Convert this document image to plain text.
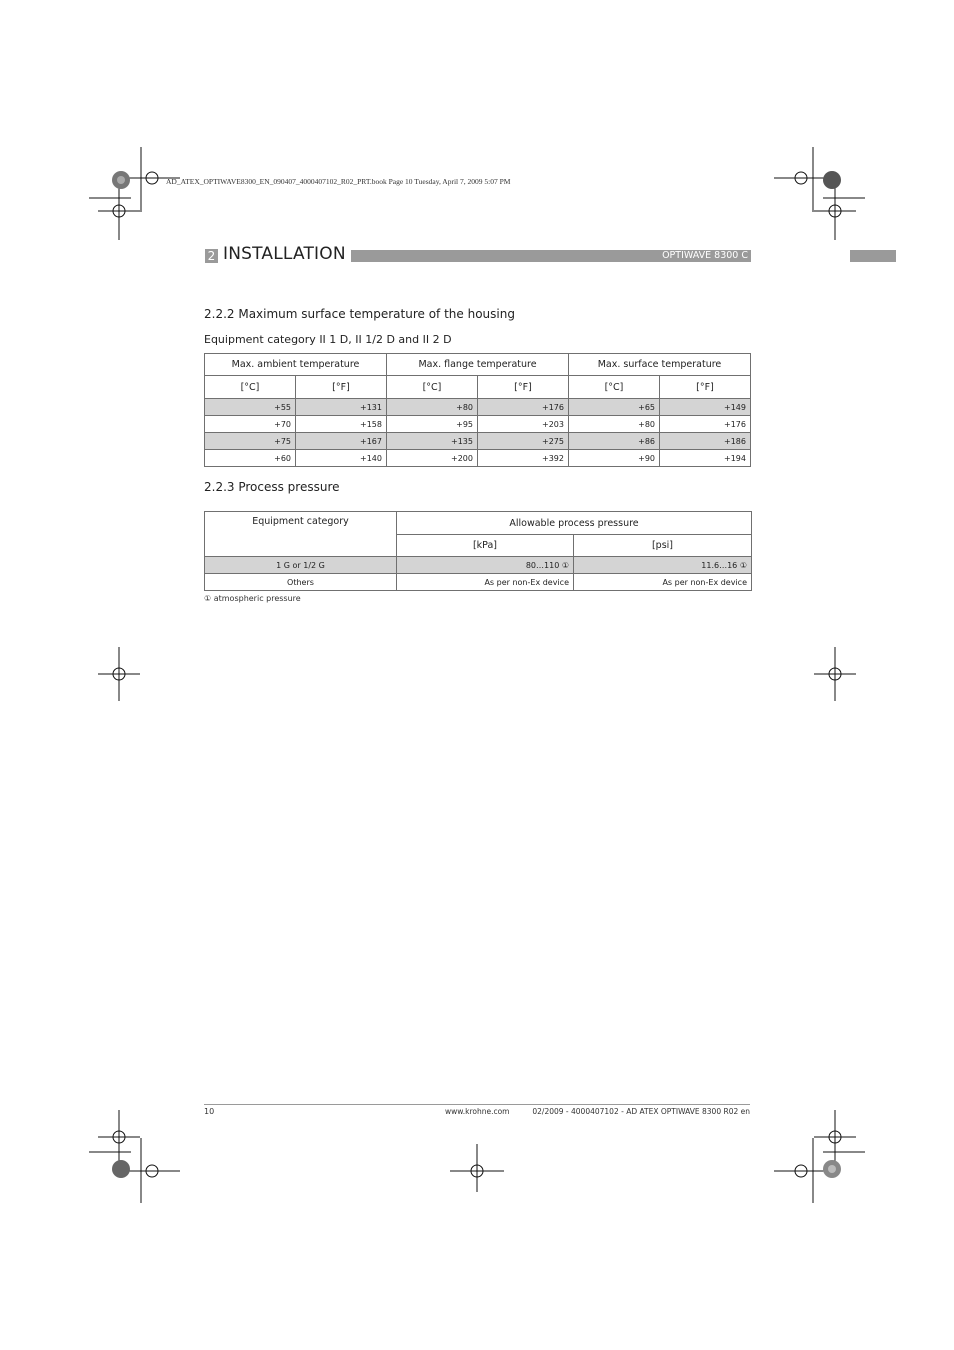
AD_ATEX_OPTIWAVE8300_EN_090407_4000407102_R02_PRT.book Page 10 Tuesday, April 7, 2009 5:07 PM
2 INSTALLATION	OPTIWAVE 8300 C
2.2.2 Maximum surface temperature of the housing
Equipment category II 1 D, II 1/2 D and II 2 D
Max. ambient temperature		Max. flange temperature		Max. surface temperature	
[°C]	[°F]	[°C]	[°F]	[°C]	[°F]
+55	+131	+80	+176	+65	+149
+70	+158	+95	+203	+80	+176
+75	+167	+135	+275	+86	+186
+60	+140	+200	+392	+90	+194
2.2.3 Process pressure
Equipment category	Allowable process pressure	
	[kPa]	[psi]
1 G or 1/2 G	80…110 ①	11.6…16 ①
Others	As per non-Ex device	As per non-Ex device
① atmospheric pressure
10	www.krohne.com	02/2009 - 4000407102 - AD ATEX OPTIWAVE 8300 R02 en
